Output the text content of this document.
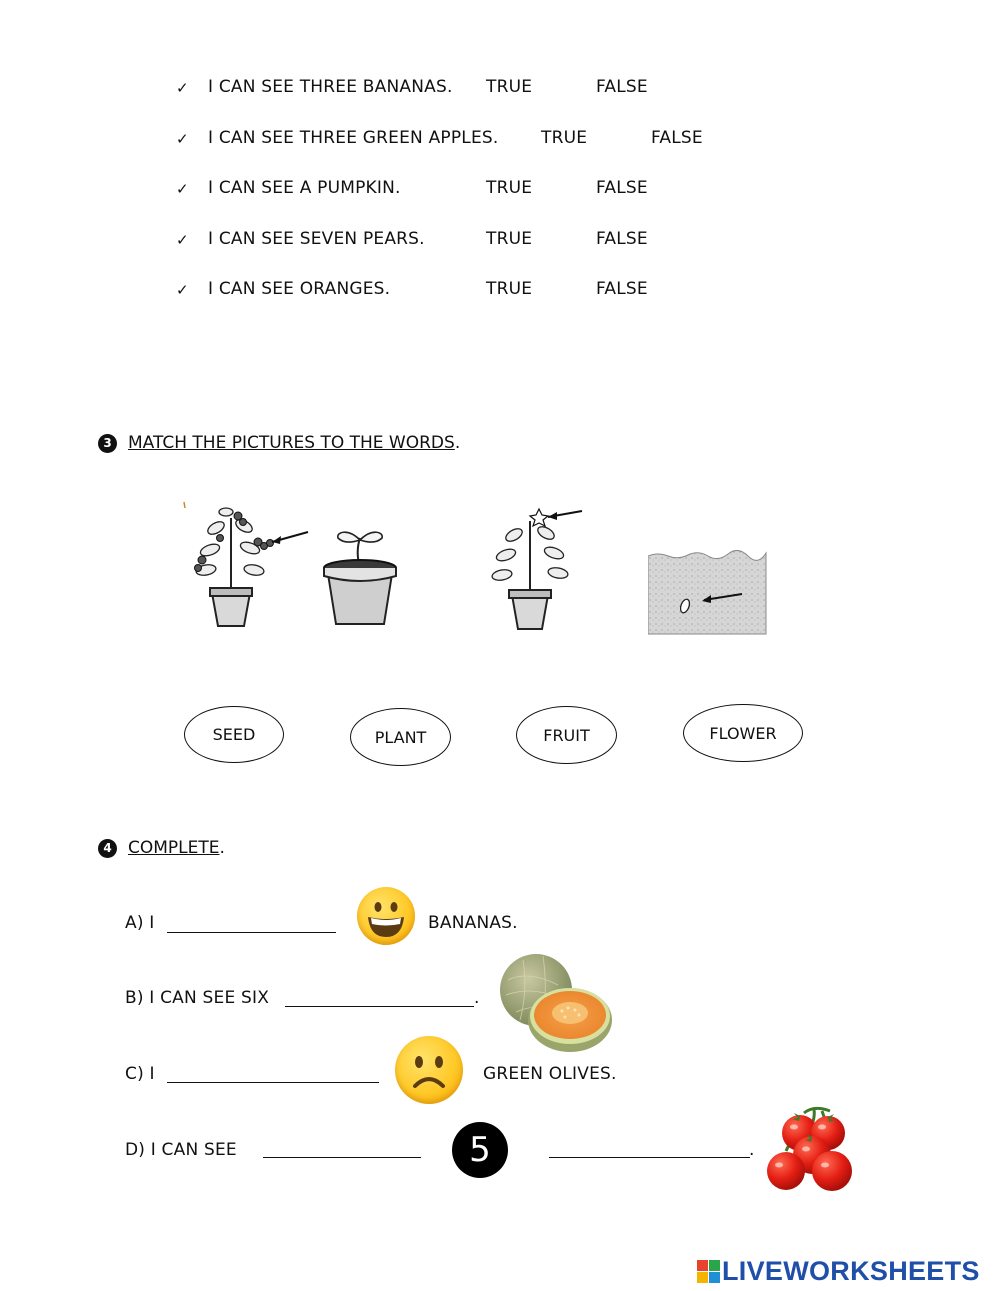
✓ I CAN SEE THREE BANANAS. TRUE	FALSE
✓ I CAN SEE THREE GREEN APPLES. TRUE	FALSE
✓ I CAN SEE A PUMPKIN.	TRUE	FALSE
✓ I CAN SEE SEVEN PEARS.	TRUE	FALSE
✓ I CAN SEE ORANGES.	TRUE	FALSE
3 MATCH THE PICTURES TO THE WORDS.
SEED	PLANT	FRUIT	FLOWER
4 COMPLETE.
A) I	BANANAS.
B) I CAN SEE SIX	.
C) I	GREEN OLIVES.
D) I CAN SEE	5	.
LIVEWORKSHEETS
